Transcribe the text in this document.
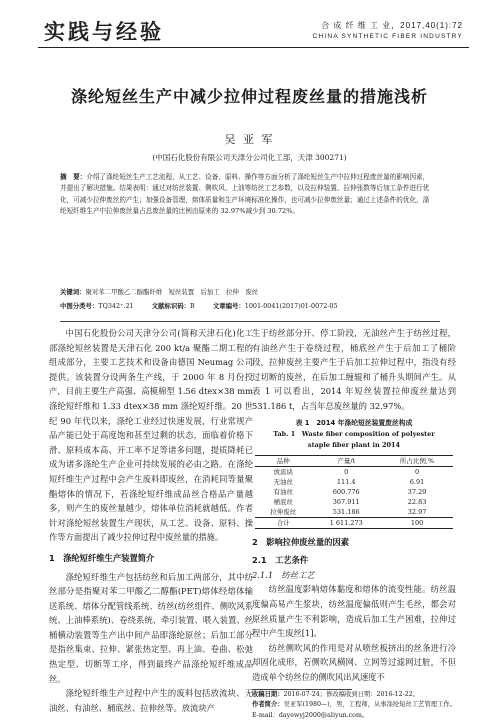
实践与经验	合 成 纤 维 工 业，2017,40(1):72
CHINA SYNTHETIC FIBER INDUSTRY
涤纶短丝生产中减少拉伸过程废丝量的措施浅析
吴 亚 军
(中国石化股份有限公司天津分公司化工部，天津 300271)
摘　要：介绍了涤纶短丝生产工艺流程，从工艺、设备、原料、操作等方面分析了涤纶短丝生产中拉伸过程废丝量的影响因素，并提出了解决措施。结果表明：通过对纺丝装置、侧吹风、上油等纺丝工艺参数，以及拉伸装置、拉伸张数等后加工条件进行优化，可减少拉伸废丝的产生；加强设备管理，熔体质量和生产环境标准化操作，也可减少拉伸废丝量；通过上述条件的优化，涤纶短纤维生产中拉伸废丝量占总废丝量的比例由原来的 32.97%减少到 30.72%。
关键词：聚对苯二甲酸乙二醇酯纤维　短丝装置　后加工　拉伸　废丝
中图分类号：TQ342⁺.21	文献标识码：B	文章编号：1001-0041(2017)01-0072-05

中国石化股份公司天津分公司(简称天津石化)化工部涤纶短丝装置是天津石化 200 kt/a 聚酯二期工程的组成部分，主要工艺技术和设备由德国 Neumag 公司提供。该装置分设两条生产线，于 2000 年 8 月份投产，目前主要生产高强、高模棉型 1.56 dtex×38 mm 涤纶短纤维和 1.33 dtex×38 mm 涤纶短纤维。20 世纪 90 年代以来，涤纶工业经过快速发展，行业常规产品产能已处于高度饱和甚至过剩的状态，面临着价格下滑、原料成本高、开工率不足等诸多问题，提质降耗已成为诸多涤纶生产企业可持续发展的必由之路。在涤纶短纤维生产过程中会产生废料即废丝，在消耗同等量聚酯熔体的情况下，若涤纶短纤维成品丝合格品产量越多，则产生的废丝量越少，熔体单位消耗就越低。作者针对涤纶短丝装置生产现状，从工艺、设备、原料、操作等方面提出了减少拉伸过程中废丝量的措施。

1　涤纶短纤维生产装置简介

涤纶短纤维生产包括纺丝和后加工两部分，其中纺丝部分是指聚对苯二甲酸乙二醇酯(PET)熔体经熔体输送系统、熔体分配管线系统、纺丝(纺丝组件、侧吹风系统、上油棒系统)、卷绕系统、牵引装置、喂入装置、丝桶横动装置等生产出中间产品即涤纶原丝；后加工部分是指丝集束、拉伸、紧张热定型、再上油、卷曲、松弛热定型、切断等工序，得到最终产品涤纶短纤维成品丝。

涤纶短纤维生产过程中产生的废料包括放流块、无油丝、有油丝、桶底丝、拉伸丝等。放流块产

生于纺丝部分开、停工阶段，无油丝产生于纺丝过程，有油丝产生于卷绕过程，桶底丝产生于后加工了桶阶段，拉伸废丝主要产生于后加工拉伸过程中，指没有经过切断的废丝，在后加工缠辊和了桶升头期间产生。从表 1 可以看出，2014 年短丝装置拉伸废丝量达到 531.186 t，占当年总废丝量的 32.97%。

表 1　2014 年涤纶短丝装置废丝构成
Tab. 1　Waste fiber composition of polyester
staple fiber plant in 2014
品种	产量/t	所占比例,%
放流块	0	0
无油丝	111.4	6.91
有油丝	600.776	37.29
桶底丝	367.911	22.83
拉伸废丝	531.186	32.97
合计	1 611.273	100
2　影响拉伸废丝量的因素
2.1　工艺条件
2.1.1　纺丝工艺

纺丝温度影响熔体黏度和熔体的流变性能。纺丝温度偏高易产生浆块，纺丝温度偏低则产生毛丝，都会对原丝质量产生不利影响，造成后加工生产困难，拉伸过程中产生废丝[1]。

纺丝侧吹风的作用是对从喷丝板挤出的丝条进行冷却固化成形，若侧吹风横网、立网等过滤网过脏，不但造成单个纺丝位的侧吹风出风速度不

收稿日期：2016-07-24；修改稿收到日期：2016-12-22。
作者简介：吴亚军(1980—)，男，工程师，从事涤纶短丝工艺管理工作。E-mail：dayewyj2000@aliyun.com。
